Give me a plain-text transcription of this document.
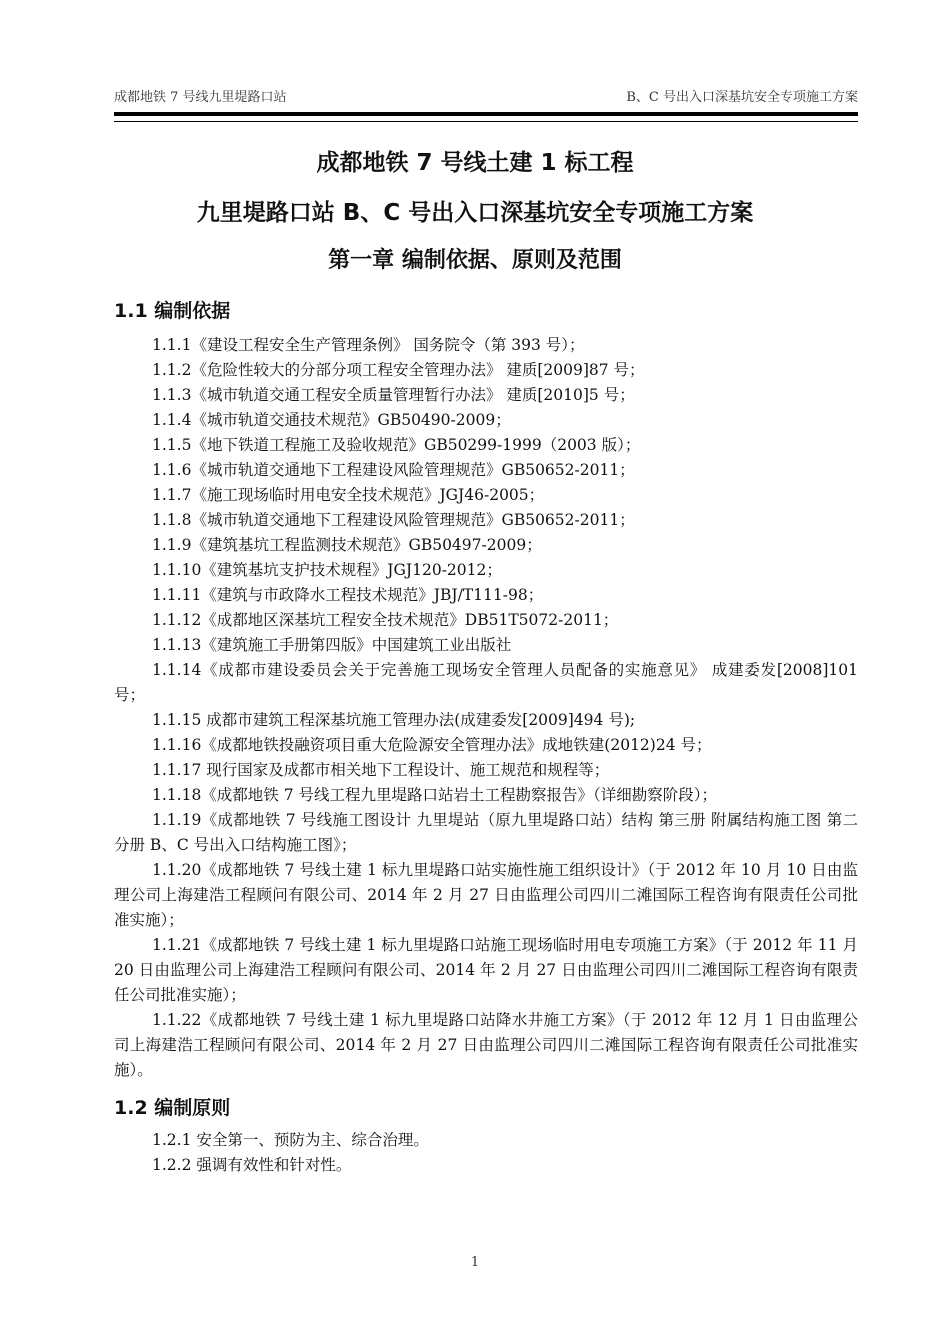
成都地铁 7 号线九里堤路口站	B、C 号出入口深基坑安全专项施工方案
成都地铁 7 号线土建 1 标工程
九里堤路口站 B、C 号出入口深基坑安全专项施工方案
第一章 编制依据、原则及范围
1.1 编制依据

1.1.1《建设工程安全生产管理条例》 国务院令（第 393 号）；

1.1.2《危险性较大的分部分项工程安全管理办法》 建质[2009]87 号；

1.1.3《城市轨道交通工程安全质量管理暂行办法》 建质[2010]5 号；

1.1.4《城市轨道交通技术规范》GB50490-2009；

1.1.5《地下铁道工程施工及验收规范》GB50299-1999（2003 版）；

1.1.6《城市轨道交通地下工程建设风险管理规范》GB50652-2011；

1.1.7《施工现场临时用电安全技术规范》JGJ46-2005；

1.1.8《城市轨道交通地下工程建设风险管理规范》GB50652-2011；

1.1.9《建筑基坑工程监测技术规范》GB50497-2009；

1.1.10《建筑基坑支护技术规程》JGJ120-2012；

1.1.11《建筑与市政降水工程技术规范》JBJ/T111-98；

1.1.12《成都地区深基坑工程安全技术规范》DB51T5072-2011；

1.1.13《建筑施工手册第四版》中国建筑工业出版社

1.1.14《成都市建设委员会关于完善施工现场安全管理人员配备的实施意见》 成建委发[2008]101 号；

1.1.15 成都市建筑工程深基坑施工管理办法(成建委发[2009]494 号);

1.1.16《成都地铁投融资项目重大危险源安全管理办法》成地铁建(2012)24 号；

1.1.17 现行国家及成都市相关地下工程设计、施工规范和规程等；

1.1.18《成都地铁 7 号线工程九里堤路口站岩土工程勘察报告》（详细勘察阶段）；

1.1.19《成都地铁 7 号线施工图设计 九里堤站（原九里堤路口站）结构 第三册 附属结构施工图 第二分册 B、C 号出入口结构施工图》；

1.1.20《成都地铁 7 号线土建 1 标九里堤路口站实施性施工组织设计》（于 2012 年 10 月 10 日由监理公司上海建浩工程顾问有限公司、2014 年 2 月 27 日由监理公司四川二滩国际工程咨询有限责任公司批准实施）；

1.1.21《成都地铁 7 号线土建 1 标九里堤路口站施工现场临时用电专项施工方案》（于 2012 年 11 月 20 日由监理公司上海建浩工程顾问有限公司、2014 年 2 月 27 日由监理公司四川二滩国际工程咨询有限责任公司批准实施）；

1.1.22《成都地铁 7 号线土建 1 标九里堤路口站降水井施工方案》（于 2012 年 12 月 1 日由监理公司上海建浩工程顾问有限公司、2014 年 2 月 27 日由监理公司四川二滩国际工程咨询有限责任公司批准实施）。

1.2 编制原则

1.2.1 安全第一、预防为主、综合治理。

1.2.2 强调有效性和针对性。

1
